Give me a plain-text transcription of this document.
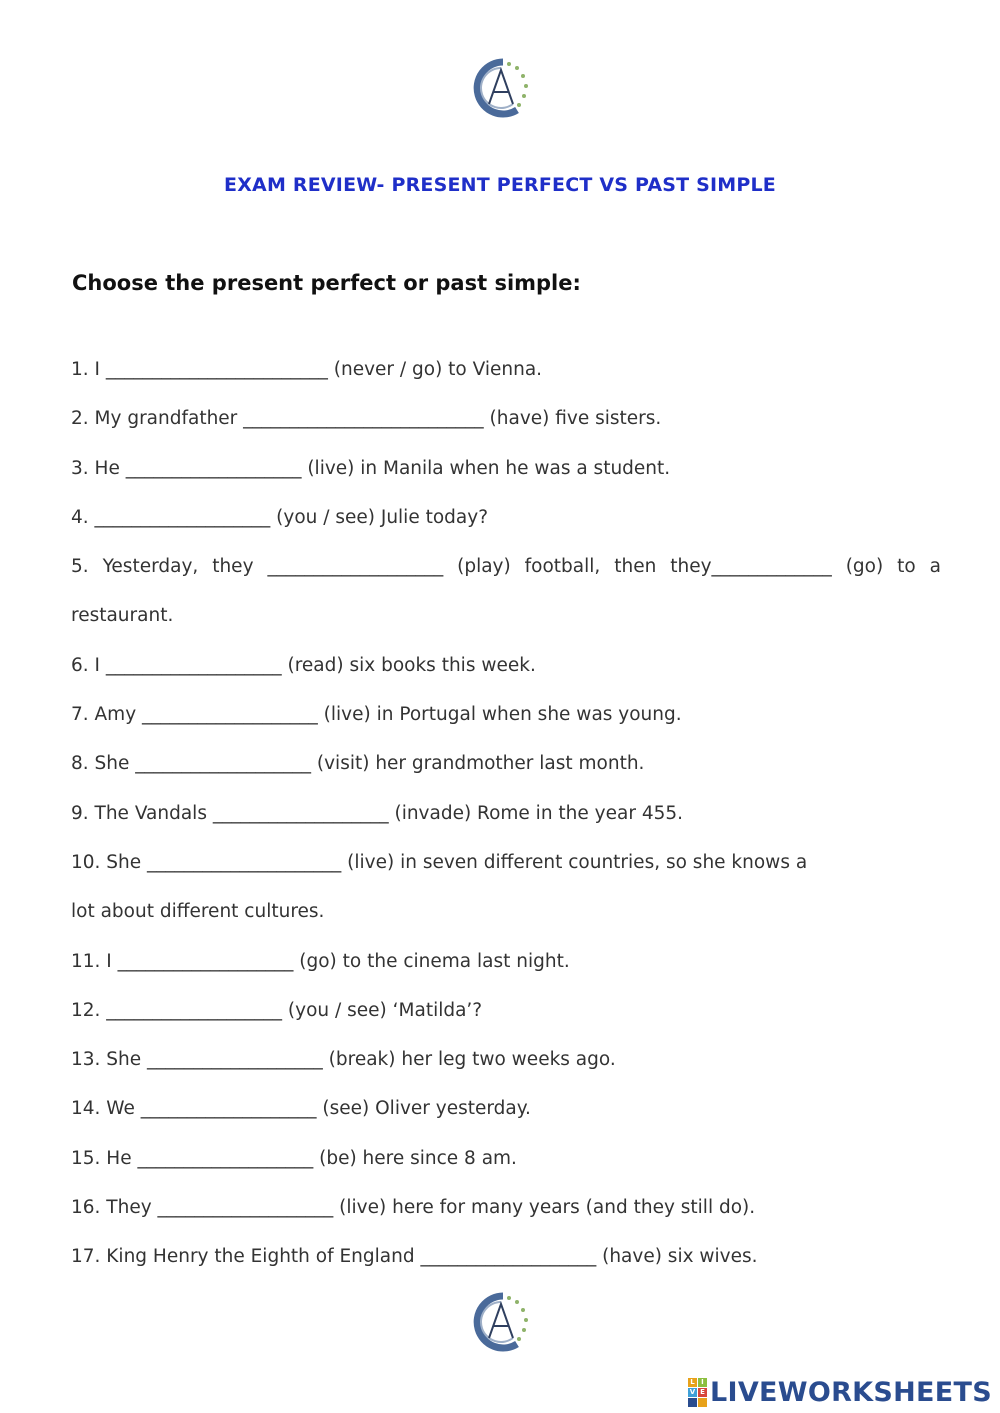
EXAM REVIEW- PRESENT PERFECT VS PAST SIMPLE
Choose the present perfect or past simple:
1. I ________________________ (never / go) to Vienna.
2. My grandfather __________________________ (have) five sisters.
3. He ___________________ (live) in Manila when he was a student.
4. ___________________ (you / see) Julie today?
5. Yesterday, they ___________________ (play) football, then they_____________ (go) to a
restaurant.
6. I ___________________ (read) six books this week.
7. Amy ___________________ (live) in Portugal when she was young.
8. She ___________________ (visit) her grandmother last month.
9. The Vandals ___________________ (invade) Rome in the year 455.
10. She _____________________ (live) in seven different countries, so she knows a
lot about different cultures.
11. I ___________________ (go) to the cinema last night.
12. ___________________ (you / see) ‘Matilda’?
13. She ___________________ (break) her leg two weeks ago.
14. We ___________________ (see) Oliver yesterday.
15. He ___________________ (be) here since 8 am.
16. They ___________________ (live) here for many years (and they still do).
17. King Henry the Eighth of England ___________________ (have) six wives.
L I
V E LIVEWORKSHEETS
